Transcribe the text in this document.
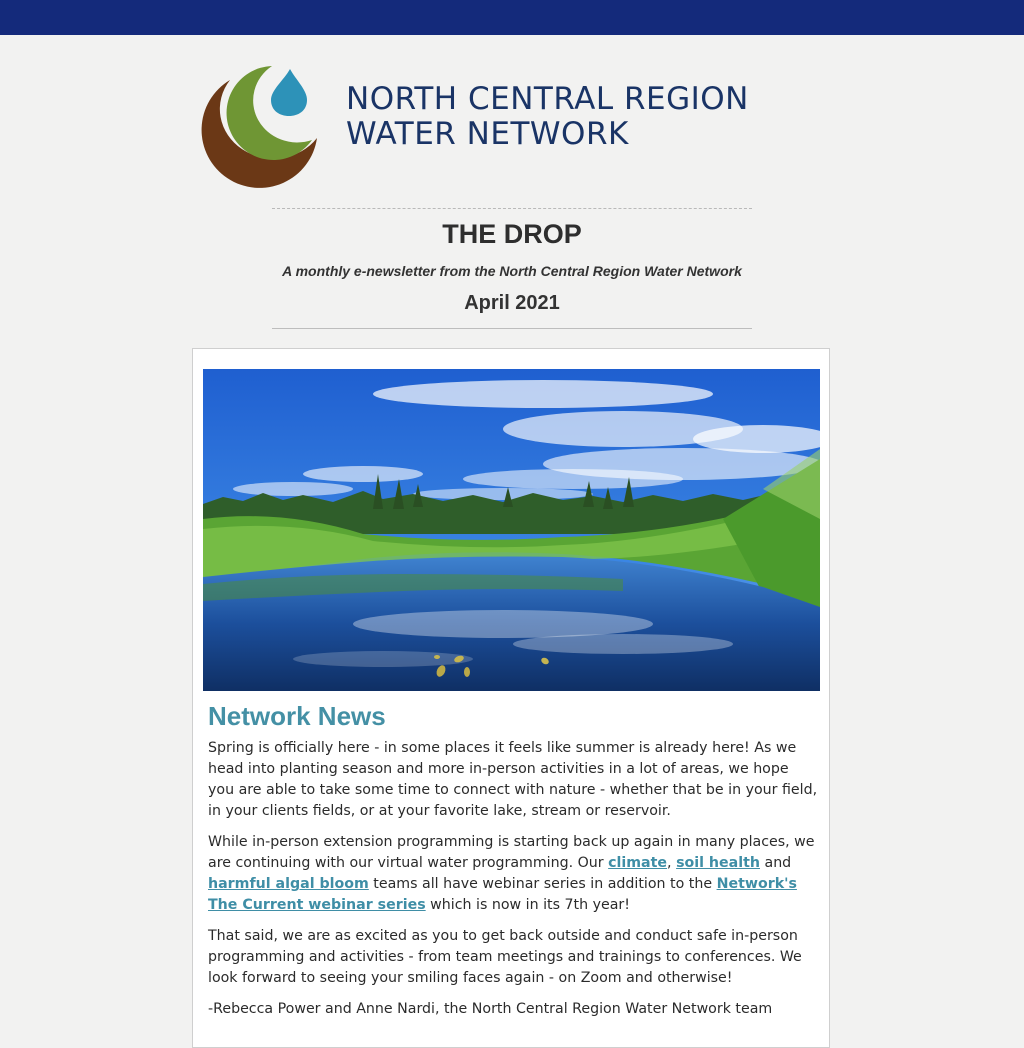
NORTH CENTRAL REGION
WATER NETWORK
THE DROP
A monthly e-newsletter from the North Central Region Water Network
April 2021
Network News

Spring is officially here - in some places it feels like summer is already here! As we head into planting season and more in-person activities in a lot of areas, we hope you are able to take some time to connect with nature - whether that be in your field, in your clients fields, or at your favorite lake, stream or reservoir.

While in-person extension programming is starting back up again in many places, we are continuing with our virtual water programming. Our climate, soil health and harmful algal bloom teams all have webinar series in addition to the Network's The Current webinar series which is now in its 7th year!

That said, we are as excited as you to get back outside and conduct safe in-person programming and activities - from team meetings and trainings to conferences. We look forward to seeing your smiling faces again - on Zoom and otherwise!

-Rebecca Power and Anne Nardi, the North Central Region Water Network team
